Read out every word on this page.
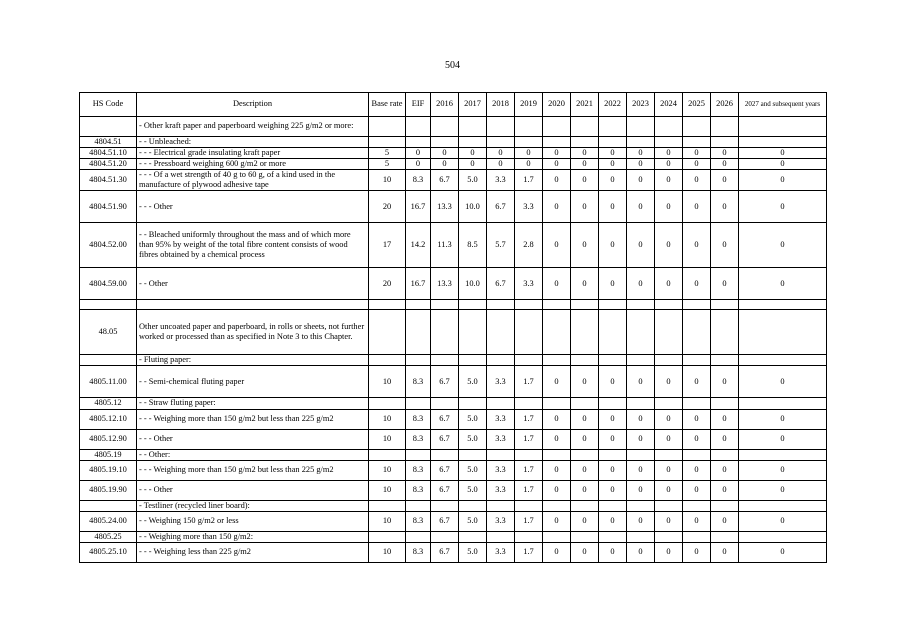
504
HS Code	Description	Base rate	EIF	2016	2017	2018	2019	2020	2021	2022	2023	2024	2025	2026	2027 and subsequent years
	- Other kraft paper and paperboard weighing 225 g/m2 or more:														
4804.51	- - Unbleached:														
4804.51.10	- - - Electrical grade insulating kraft paper	5	0	0	0	0	0	0	0	0	0	0	0	0	0
4804.51.20	- - - Pressboard weighing 600 g/m2 or more	5	0	0	0	0	0	0	0	0	0	0	0	0	0
4804.51.30	- - - Of a wet strength of 40 g to 60 g, of a kind used in the manufacture of plywood adhesive tape	10	8.3	6.7	5.0	3.3	1.7	0	0	0	0	0	0	0	0
4804.51.90	- - - Other	20	16.7	13.3	10.0	6.7	3.3	0	0	0	0	0	0	0	0
4804.52.00	- - Bleached uniformly throughout the mass and of which more than 95% by weight of the total fibre content consists of wood fibres obtained by a chemical process	17	14.2	11.3	8.5	5.7	2.8	0	0	0	0	0	0	0	0
4804.59.00	- - Other	20	16.7	13.3	10.0	6.7	3.3	0	0	0	0	0	0	0	0

48.05	Other uncoated paper and paperboard, in rolls or sheets, not further worked or processed than as specified in Note 3 to this Chapter.														
	- Fluting paper:														
4805.11.00	- - Semi-chemical fluting paper	10	8.3	6.7	5.0	3.3	1.7	0	0	0	0	0	0	0	0
4805.12	- - Straw fluting paper:														
4805.12.10	- - - Weighing more than 150 g/m2 but less than 225 g/m2	10	8.3	6.7	5.0	3.3	1.7	0	0	0	0	0	0	0	0
4805.12.90	- - - Other	10	8.3	6.7	5.0	3.3	1.7	0	0	0	0	0	0	0	0
4805.19	- - Other:														
4805.19.10	- - - Weighing more than 150 g/m2 but less than 225 g/m2	10	8.3	6.7	5.0	3.3	1.7	0	0	0	0	0	0	0	0
4805.19.90	- - - Other	10	8.3	6.7	5.0	3.3	1.7	0	0	0	0	0	0	0	0
	- Testliner (recycled liner board):														
4805.24.00	- - Weighing 150 g/m2 or less	10	8.3	6.7	5.0	3.3	1.7	0	0	0	0	0	0	0	0
4805.25	- - Weighing more than 150 g/m2:														
4805.25.10	- - - Weighing less than 225 g/m2	10	8.3	6.7	5.0	3.3	1.7	0	0	0	0	0	0	0	0
